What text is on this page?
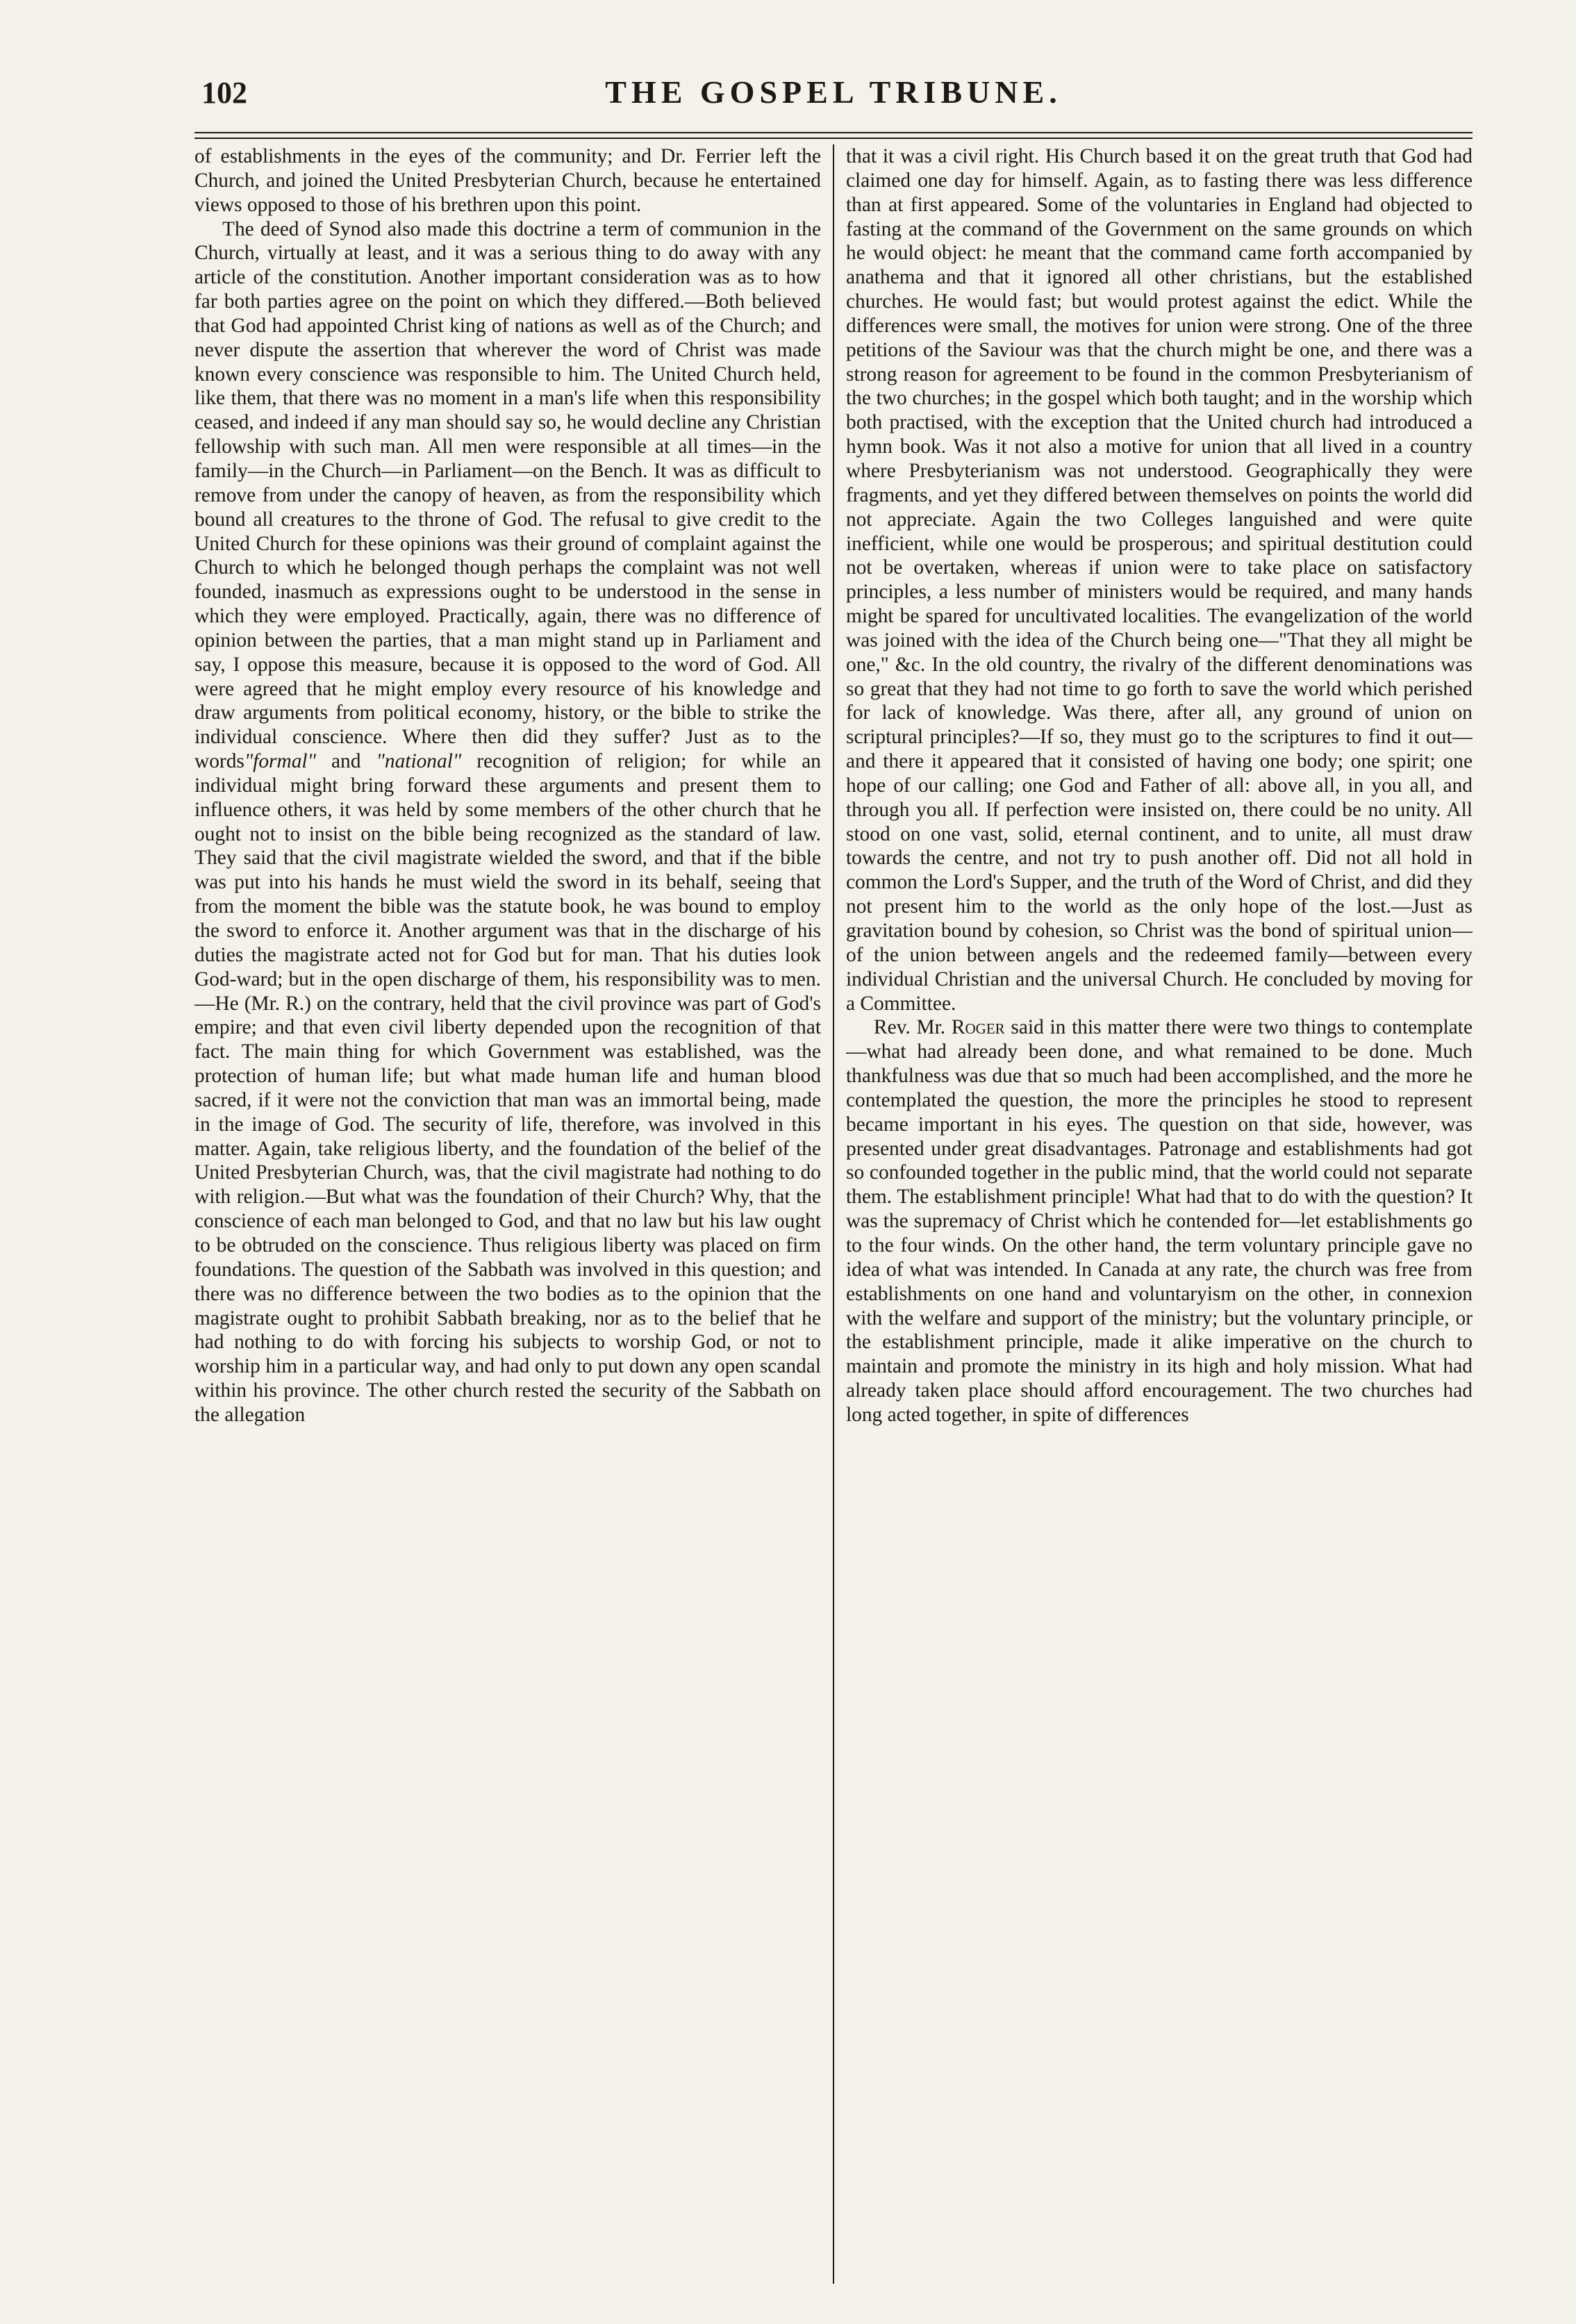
102	THE GOSPEL TRIBUNE.

of establishments in the eyes of the community; and Dr. Ferrier left the Church, and joined the United Presbyterian Church, because he entertained views opposed to those of his brethren upon this point.

The deed of Synod also made this doctrine a term of communion in the Church, virtually at least, and it was a serious thing to do away with any article of the constitution. Another important consideration was as to how far both parties agree on the point on which they differed.—Both believed that God had appointed Christ king of nations as well as of the Church; and never dispute the assertion that wherever the word of Christ was made known every conscience was responsible to him. The United Church held, like them, that there was no moment in a man's life when this responsibility ceased, and indeed if any man should say so, he would decline any Christian fellowship with such man. All men were responsible at all times—in the family—in the Church—in Parliament—on the Bench. It was as difficult to remove from under the canopy of heaven, as from the responsibility which bound all creatures to the throne of God. The refusal to give credit to the United Church for these opinions was their ground of complaint against the Church to which he belonged though perhaps the complaint was not well founded, inasmuch as expressions ought to be understood in the sense in which they were employed. Practically, again, there was no difference of opinion between the parties, that a man might stand up in Parliament and say, I oppose this measure, because it is opposed to the word of God. All were agreed that he might employ every resource of his knowledge and draw arguments from political economy, history, or the bible to strike the individual conscience. Where then did they suffer? Just as to the words"formal" and "national" recognition of religion; for while an individual might bring forward these arguments and present them to influence others, it was held by some members of the other church that he ought not to insist on the bible being recognized as the standard of law. They said that the civil magistrate wielded the sword, and that if the bible was put into his hands he must wield the sword in its behalf, seeing that from the moment the bible was the statute book, he was bound to employ the sword to enforce it. Another argument was that in the discharge of his duties the magistrate acted not for God but for man. That his duties look God-ward; but in the open discharge of them, his responsibility was to men.—He (Mr. R.) on the contrary, held that the civil province was part of God's empire; and that even civil liberty depended upon the recognition of that fact. The main thing for which Government was established, was the protection of human life; but what made human life and human blood sacred, if it were not the conviction that man was an immortal being, made in the image of God. The security of life, therefore, was involved in this matter. Again, take religious liberty, and the foundation of the belief of the United Presbyterian Church, was, that the civil magistrate had nothing to do with religion.—But what was the foundation of their Church? Why, that the conscience of each man belonged to God, and that no law but his law ought to be obtruded on the conscience. Thus religious liberty was placed on firm foundations. The question of the Sabbath was involved in this question; and there was no difference between the two bodies as to the opinion that the magistrate ought to prohibit Sabbath breaking, nor as to the belief that he had nothing to do with forcing his subjects to worship God, or not to worship him in a particular way, and had only to put down any open scandal within his province. The other church rested the security of the Sabbath on the allegation

that it was a civil right. His Church based it on the great truth that God had claimed one day for himself. Again, as to fasting there was less difference than at first appeared. Some of the voluntaries in England had objected to fasting at the command of the Government on the same grounds on which he would object: he meant that the command came forth accompanied by anathema and that it ignored all other christians, but the established churches. He would fast; but would protest against the edict. While the differences were small, the motives for union were strong. One of the three petitions of the Saviour was that the church might be one, and there was a strong reason for agreement to be found in the common Presbyterianism of the two churches; in the gospel which both taught; and in the worship which both practised, with the exception that the United church had introduced a hymn book. Was it not also a motive for union that all lived in a country where Presbyterianism was not understood. Geographically they were fragments, and yet they differed between themselves on points the world did not appreciate. Again the two Colleges languished and were quite inefficient, while one would be prosperous; and spiritual destitution could not be overtaken, whereas if union were to take place on satisfactory principles, a less number of ministers would be required, and many hands might be spared for uncultivated localities. The evangelization of the world was joined with the idea of the Church being one—"That they all might be one," &c. In the old country, the rivalry of the different denominations was so great that they had not time to go forth to save the world which perished for lack of knowledge. Was there, after all, any ground of union on scriptural principles?—If so, they must go to the scriptures to find it out—and there it appeared that it consisted of having one body; one spirit; one hope of our calling; one God and Father of all: above all, in you all, and through you all. If perfection were insisted on, there could be no unity. All stood on one vast, solid, eternal continent, and to unite, all must draw towards the centre, and not try to push another off. Did not all hold in common the Lord's Supper, and the truth of the Word of Christ, and did they not present him to the world as the only hope of the lost.—Just as gravitation bound by cohesion, so Christ was the bond of spiritual union—of the union between angels and the redeemed family—between every individual Christian and the universal Church. He concluded by moving for a Committee.

Rev. Mr. Roger said in this matter there were two things to contemplate—what had already been done, and what remained to be done. Much thankfulness was due that so much had been accomplished, and the more he contemplated the question, the more the principles he stood to represent became important in his eyes. The question on that side, however, was presented under great disadvantages. Patronage and establishments had got so confounded together in the public mind, that the world could not separate them. The establishment principle! What had that to do with the question? It was the supremacy of Christ which he contended for—let establishments go to the four winds. On the other hand, the term voluntary principle gave no idea of what was intended. In Canada at any rate, the church was free from establishments on one hand and voluntaryism on the other, in connexion with the welfare and support of the ministry; but the voluntary principle, or the establishment principle, made it alike imperative on the church to maintain and promote the ministry in its high and holy mission. What had already taken place should afford encouragement. The two churches had long acted together, in spite of differences
